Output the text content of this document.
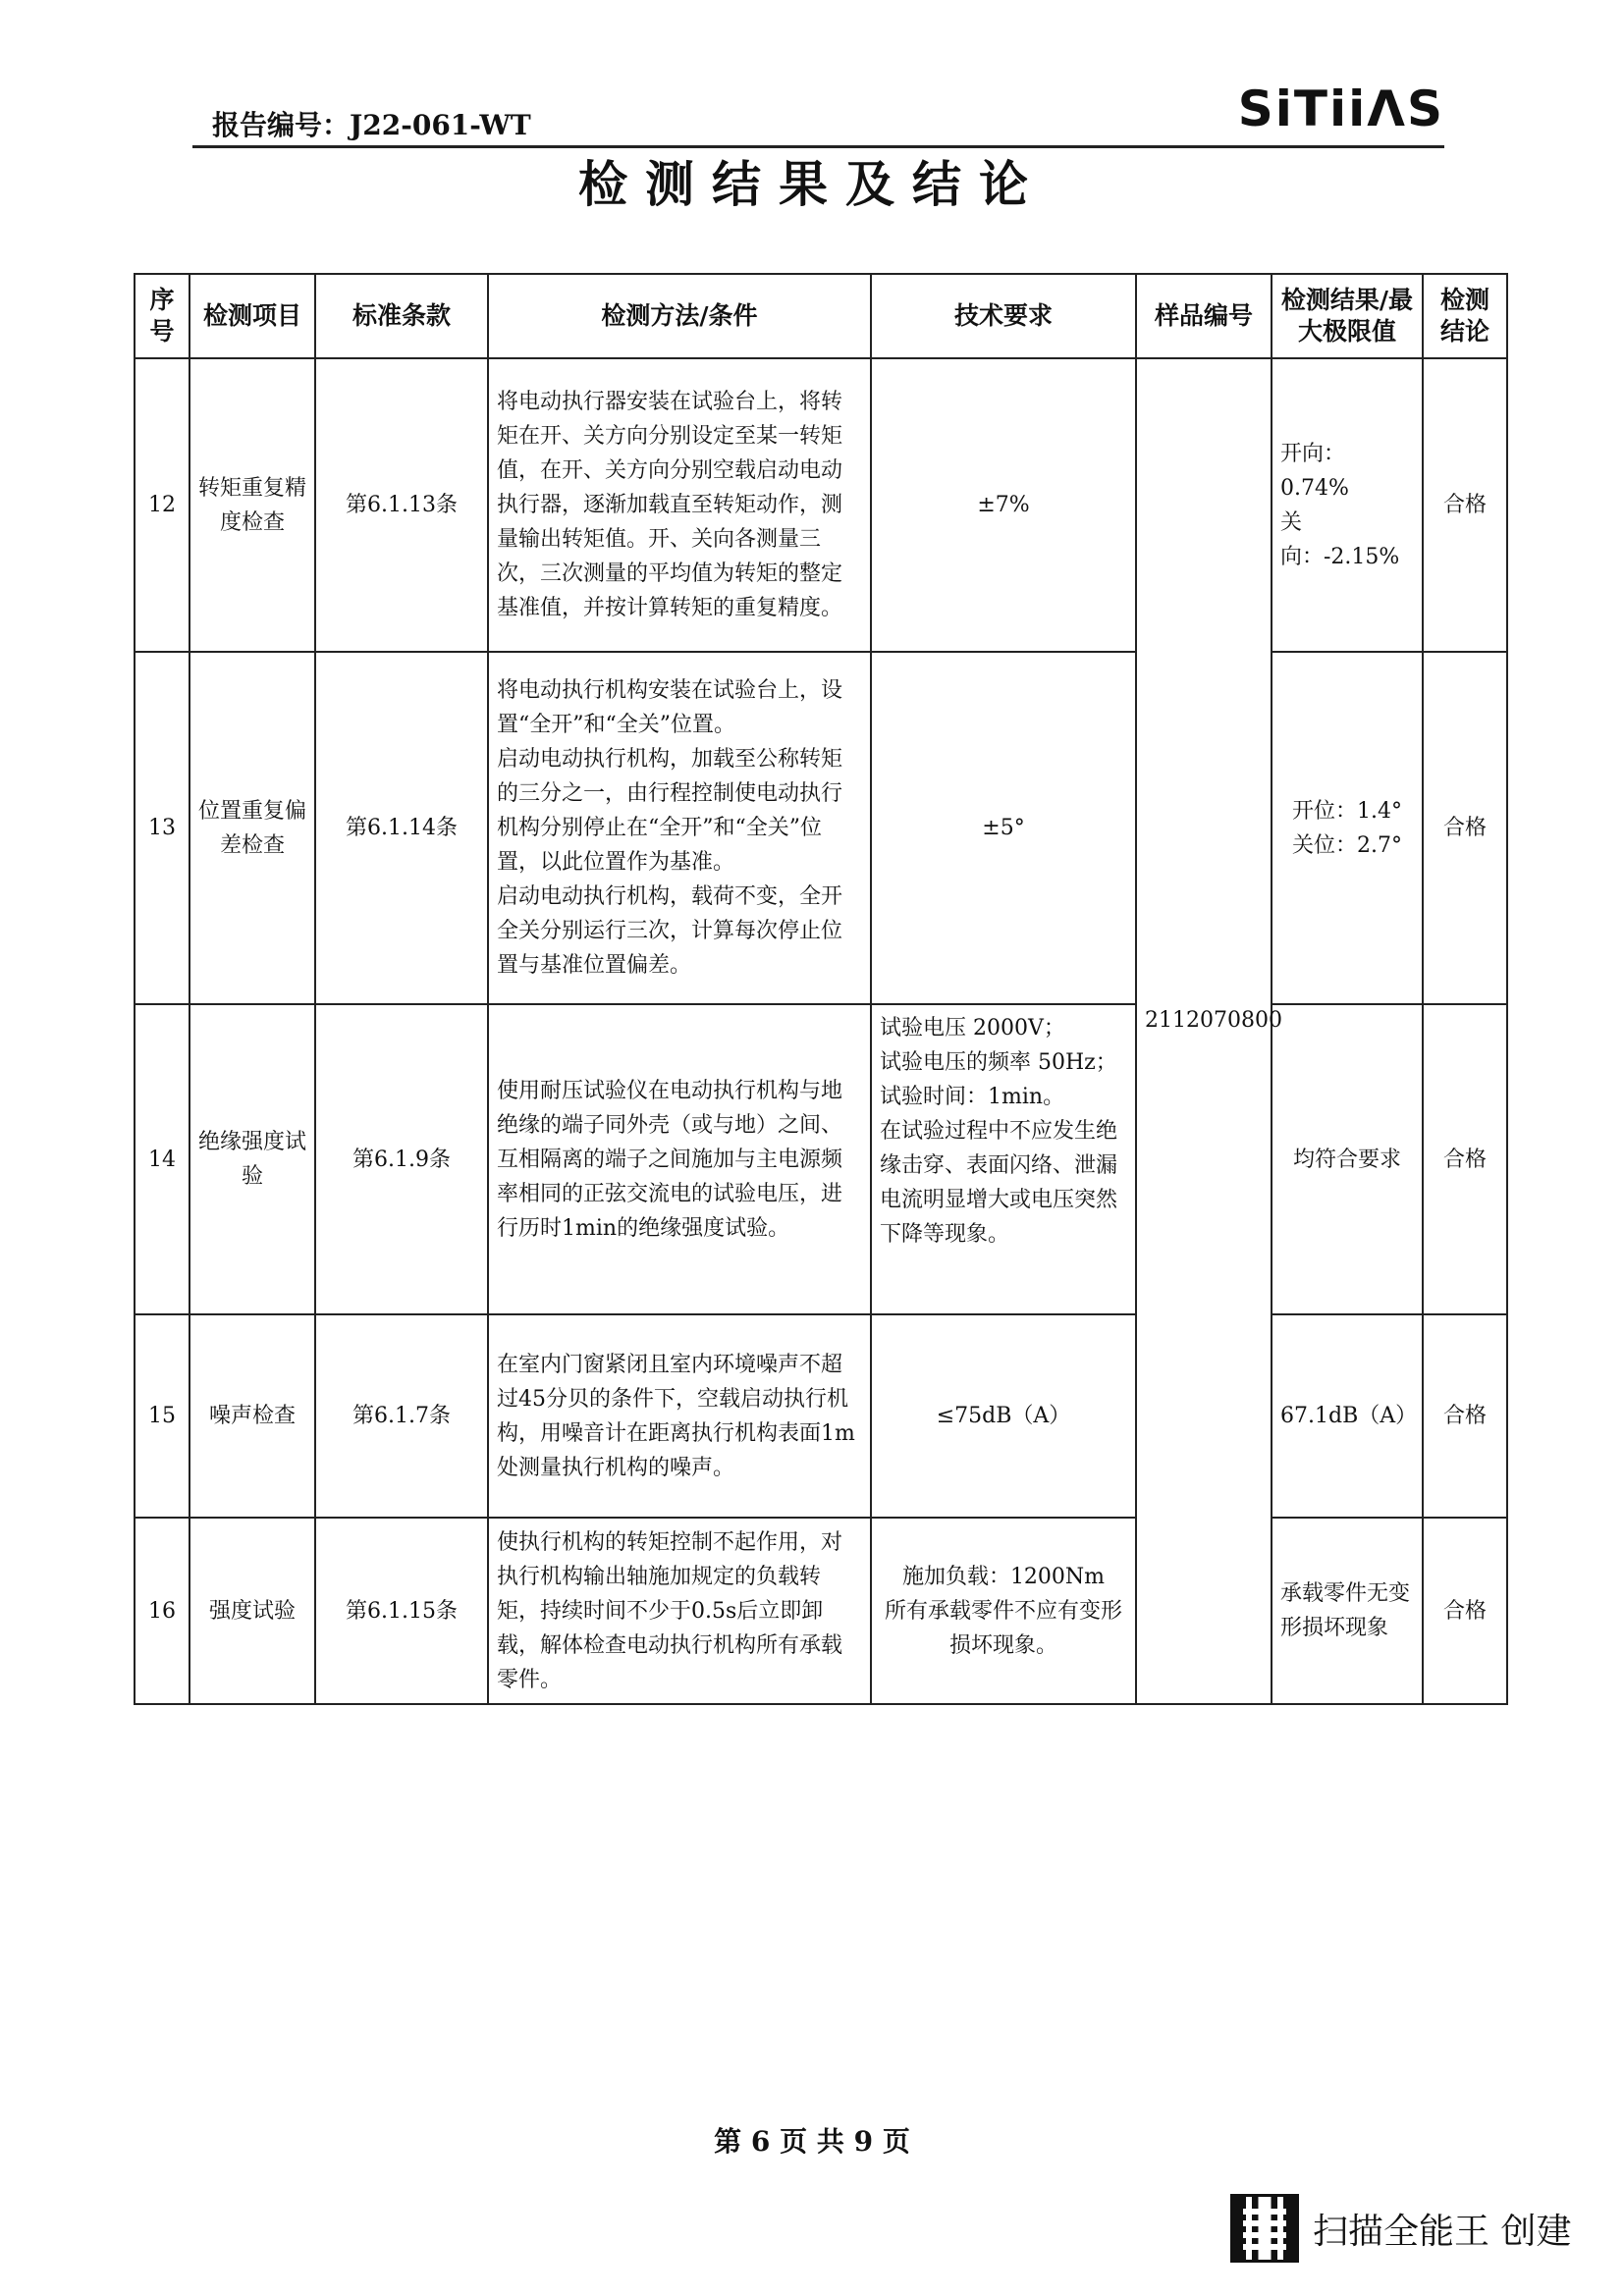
报告编号：J22-061-WT	SiTiiΛS
检测结果及结论
序号	检测项目	标准条款	检测方法/条件	技术要求	样品编号	检测结果/最大极限值	检测结论
12	转矩重复精度检查	第6.1.13条	将电动执行器安装在试验台上，将转矩在开、关方向分别设定至某一转矩值，在开、关方向分别空载启动电动执行器，逐渐加载直至转矩动作，测量输出转矩值。开、关向各测量三次，三次测量的平均值为转矩的整定基准值，并按计算转矩的重复精度。	±7%	2112070800	开向： 0.74%
关向：-2.15%	合格
13	位置重复偏差检查	第6.1.14条	将电动执行机构安装在试验台上，设置“全开”和“全关”位置。
启动电动执行机构，加载至公称转矩的三分之一，由行程控制使电动执行机构分别停止在“全开”和“全关”位置，以此位置作为基准。
启动电动执行机构，载荷不变，全开全关分别运行三次，计算每次停止位置与基准位置偏差。	±5°		开位：1.4°
关位：2.7°	合格
14	绝缘强度试验	第6.1.9条	使用耐压试验仪在电动执行机构与地绝缘的端子同外壳（或与地）之间、互相隔离的端子之间施加与主电源频率相同的正弦交流电的试验电压，进行历时1min的绝缘强度试验。	试验电压 2000V；
试验电压的频率 50Hz；
试验时间：1min。
在试验过程中不应发生绝缘击穿、表面闪络、泄漏电流明显增大或电压突然下降等现象。		均符合要求	合格
15	噪声检查	第6.1.7条	在室内门窗紧闭且室内环境噪声不超过45分贝的条件下，空载启动执行机构，用噪音计在距离执行机构表面1m处测量执行机构的噪声。	≤75dB（A）		67.1dB（A）	合格
16	强度试验	第6.1.15条	使执行机构的转矩控制不起作用，对执行机构输出轴施加规定的负载转矩，持续时间不少于0.5s后立即卸载，解体检查电动执行机构所有承载零件。	施加负载：1200Nm
所有承载零件不应有变形损坏现象。		承载零件无变形损坏现象	合格
第 6 页 共 9 页
扫描全能王 创建
